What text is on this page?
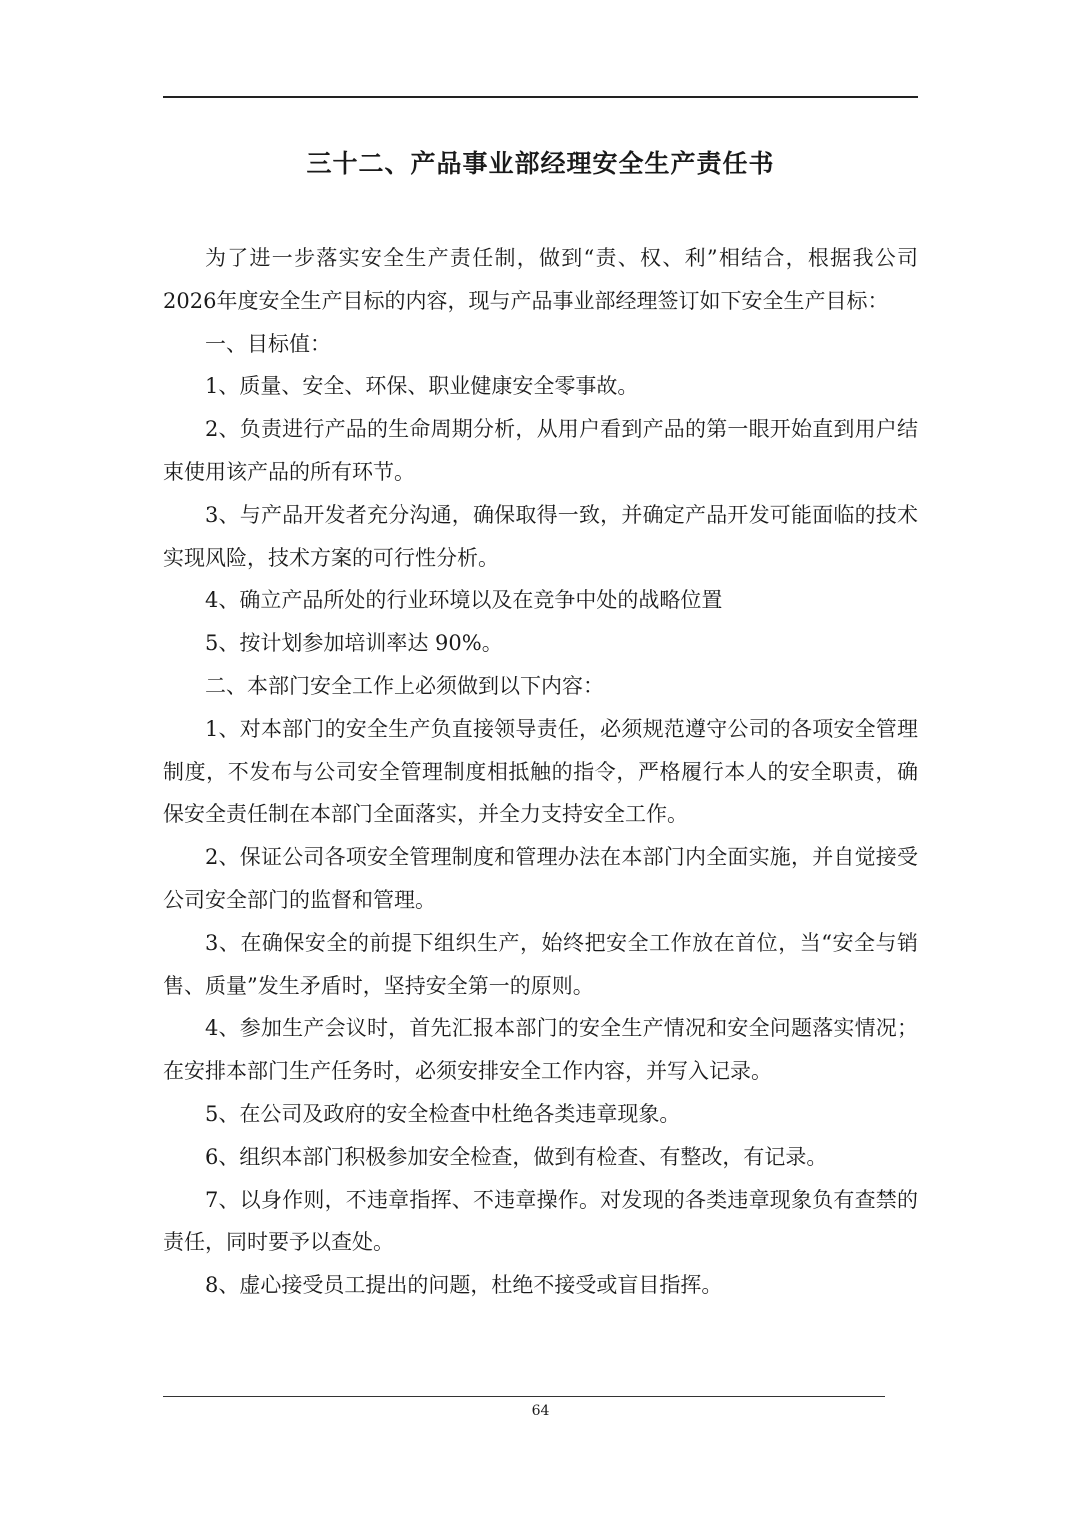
三十二、产品事业部经理安全生产责任书

为了进一步落实安全生产责任制，做到“责、权、利”相结合，根据我公司2026年度安全生产目标的内容，现与产品事业部经理签订如下安全生产目标：

一、目标值：

1、质量、安全、环保、职业健康安全零事故。

2、负责进行产品的生命周期分析，从用户看到产品的第一眼开始直到用户结束使用该产品的所有环节。

3、与产品开发者充分沟通，确保取得一致，并确定产品开发可能面临的技术实现风险，技术方案的可行性分析。

4、确立产品所处的行业环境以及在竞争中处的战略位置

5、按计划参加培训率达 90%。

二、本部门安全工作上必须做到以下内容：

1、对本部门的安全生产负直接领导责任，必须规范遵守公司的各项安全管理制度，不发布与公司安全管理制度相抵触的指令，严格履行本人的安全职责，确保安全责任制在本部门全面落实，并全力支持安全工作。

2、保证公司各项安全管理制度和管理办法在本部门内全面实施，并自觉接受公司安全部门的监督和管理。

3、在确保安全的前提下组织生产，始终把安全工作放在首位，当“安全与销售、质量”发生矛盾时，坚持安全第一的原则。

4、参加生产会议时，首先汇报本部门的安全生产情况和安全问题落实情况；在安排本部门生产任务时，必须安排安全工作内容，并写入记录。

5、在公司及政府的安全检查中杜绝各类违章现象。

6、组织本部门积极参加安全检查，做到有检查、有整改，有记录。

7、以身作则，不违章指挥、不违章操作。对发现的各类违章现象负有查禁的责任，同时要予以查处。

8、虚心接受员工提出的问题，杜绝不接受或盲目指挥。

64
